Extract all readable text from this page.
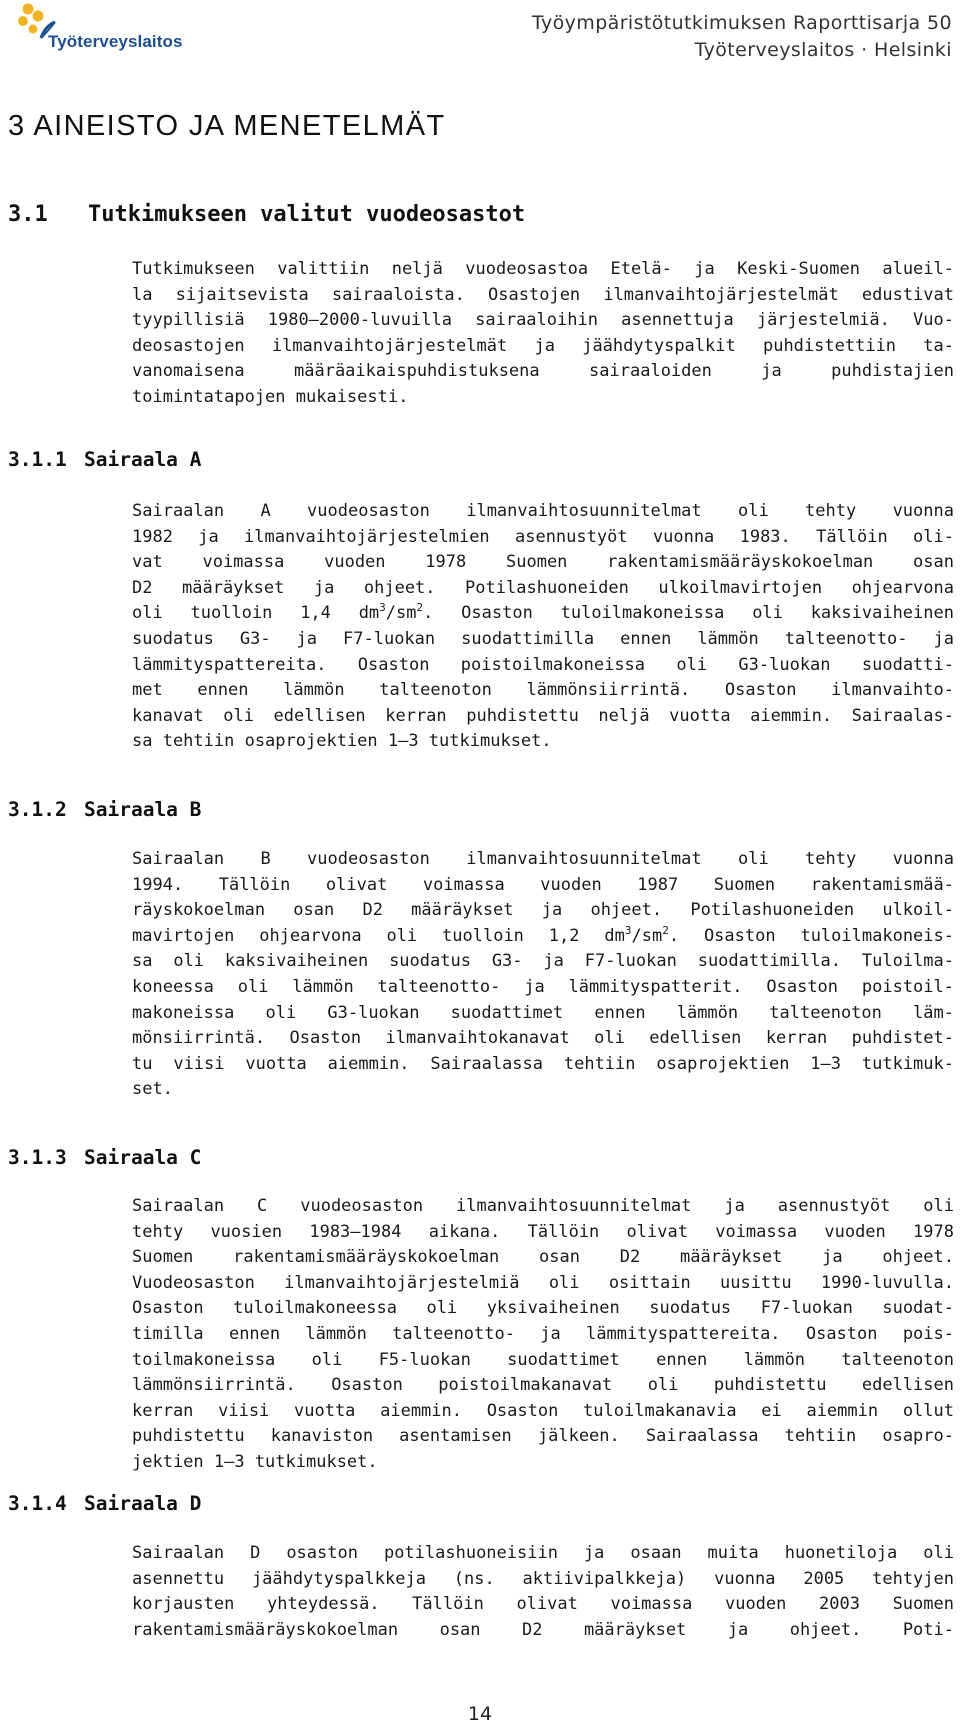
Työterveyslaitos
Työympäristötutkimuksen Raporttisarja 50
Työterveyslaitos · Helsinki
3 AINEISTO JA MENETELMÄT
3.1 Tutkimukseen valitut vuodeosastot
Tutkimukseen valittiin neljä vuodeosastoa Etelä- ja Keski-Suomen alueil-
la sijaitsevista sairaaloista. Osastojen ilmanvaihtojärjestelmät edustivat
tyypillisiä 1980–2000-luvuilla sairaaloihin asennettuja järjestelmiä. Vuo-
deosastojen ilmanvaihtojärjestelmät ja jäähdytyspalkit puhdistettiin ta-
vanomaisena määräaikaispuhdistuksena sairaaloiden ja puhdistajien
toimintatapojen mukaisesti.
3.1.1 Sairaala A
Sairaalan A vuodeosaston ilmanvaihtosuunnitelmat oli tehty vuonna
1982 ja ilmanvaihtojärjestelmien asennustyöt vuonna 1983. Tällöin oli-
vat voimassa vuoden 1978 Suomen rakentamismääräyskokoelman osan
D2 määräykset ja ohjeet. Potilashuoneiden ulkoilmavirtojen ohjearvona
oli tuolloin 1,4 $dm^3/sm^2$. Osaston tuloilmakoneissa oli kaksivaiheinen
suodatus G3- ja F7-luokan suodattimilla ennen lämmön talteenotto- ja
lämmityspattereita. Osaston poistoilmakoneissa oli G3-luokan suodatti-
met ennen lämmön talteenoton lämmönsiirrintä. Osaston ilmanvaihto-
kanavat oli edellisen kerran puhdistettu neljä vuotta aiemmin. Sairaalas-
sa tehtiin osaprojektien 1–3 tutkimukset.
3.1.2 Sairaala B
Sairaalan B vuodeosaston ilmanvaihtosuunnitelmat oli tehty vuonna
1994. Tällöin olivat voimassa vuoden 1987 Suomen rakentamismää-
räyskokoelman osan D2 määräykset ja ohjeet. Potilashuoneiden ulkoil-
mavirtojen ohjearvona oli tuolloin 1,2 $dm^3/sm^2$. Osaston tuloilmakoneis-
sa oli kaksivaiheinen suodatus G3- ja F7-luokan suodattimilla. Tuloilma-
koneessa oli lämmön talteenotto- ja lämmityspatterit. Osaston poistoil-
makoneissa oli G3-luokan suodattimet ennen lämmön talteenoton läm-
mönsiirrintä. Osaston ilmanvaihtokanavat oli edellisen kerran puhdistet-
tu viisi vuotta aiemmin. Sairaalassa tehtiin osaprojektien 1–3 tutkimuk-
set.
3.1.3 Sairaala C
Sairaalan C vuodeosaston ilmanvaihtosuunnitelmat ja asennustyöt oli
tehty vuosien 1983–1984 aikana. Tällöin olivat voimassa vuoden 1978
Suomen rakentamismääräyskokoelman osan D2 määräykset ja ohjeet.
Vuodeosaston ilmanvaihtojärjestelmiä oli osittain uusittu 1990-luvulla.
Osaston tuloilmakoneessa oli yksivaiheinen suodatus F7-luokan suodat-
timilla ennen lämmön talteenotto- ja lämmityspattereita. Osaston pois-
toilmakoneissa oli F5-luokan suodattimet ennen lämmön talteenoton
lämmönsiirrintä. Osaston poistoilmakanavat oli puhdistettu edellisen
kerran viisi vuotta aiemmin. Osaston tuloilmakanavia ei aiemmin ollut
puhdistettu kanaviston asentamisen jälkeen. Sairaalassa tehtiin osapro-
jektien 1–3 tutkimukset.
3.1.4 Sairaala D
Sairaalan D osaston potilashuoneisiin ja osaan muita huonetiloja oli
asennettu jäähdytyspalkkeja (ns. aktiivipalkkeja) vuonna 2005 tehtyjen
korjausten yhteydessä. Tällöin olivat voimassa vuoden 2003 Suomen
rakentamismääräyskokoelman osan D2 määräykset ja ohjeet. Poti-
14
